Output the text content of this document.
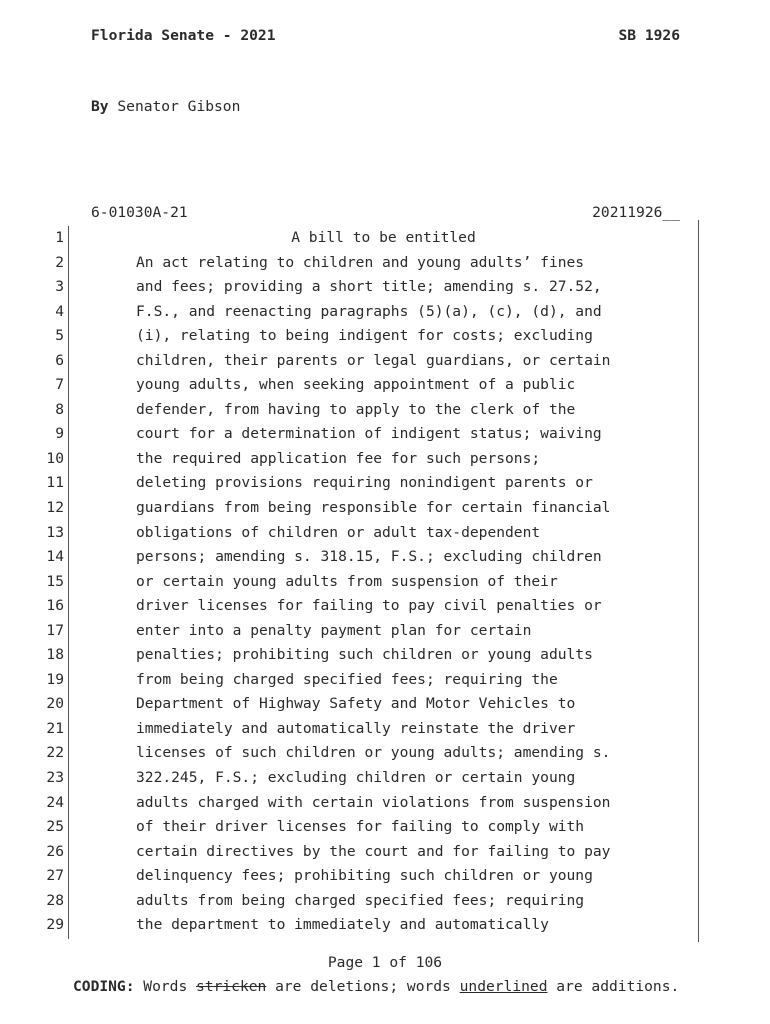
Florida Senate - 2021	SB 1926
By Senator Gibson
6-01030A-21	20211926__
1	A bill to be entitled
2	An act relating to children and young adults’ fines
3	and fees; providing a short title; amending s. 27.52,
4	F.S., and reenacting paragraphs (5)(a), (c), (d), and
5	(i), relating to being indigent for costs; excluding
6	children, their parents or legal guardians, or certain
7	young adults, when seeking appointment of a public
8	defender, from having to apply to the clerk of the
9	court for a determination of indigent status; waiving
10	the required application fee for such persons;
11	deleting provisions requiring nonindigent parents or
12	guardians from being responsible for certain financial
13	obligations of children or adult tax-dependent
14	persons; amending s. 318.15, F.S.; excluding children
15	or certain young adults from suspension of their
16	driver licenses for failing to pay civil penalties or
17	enter into a penalty payment plan for certain
18	penalties; prohibiting such children or young adults
19	from being charged specified fees; requiring the
20	Department of Highway Safety and Motor Vehicles to
21	immediately and automatically reinstate the driver
22	licenses of such children or young adults; amending s.
23	322.245, F.S.; excluding children or certain young
24	adults charged with certain violations from suspension
25	of their driver licenses for failing to comply with
26	certain directives by the court and for failing to pay
27	delinquency fees; prohibiting such children or young
28	adults from being charged specified fees; requiring
29	the department to immediately and automatically
Page 1 of 106
CODING: Words stricken are deletions; words underlined are additions.
